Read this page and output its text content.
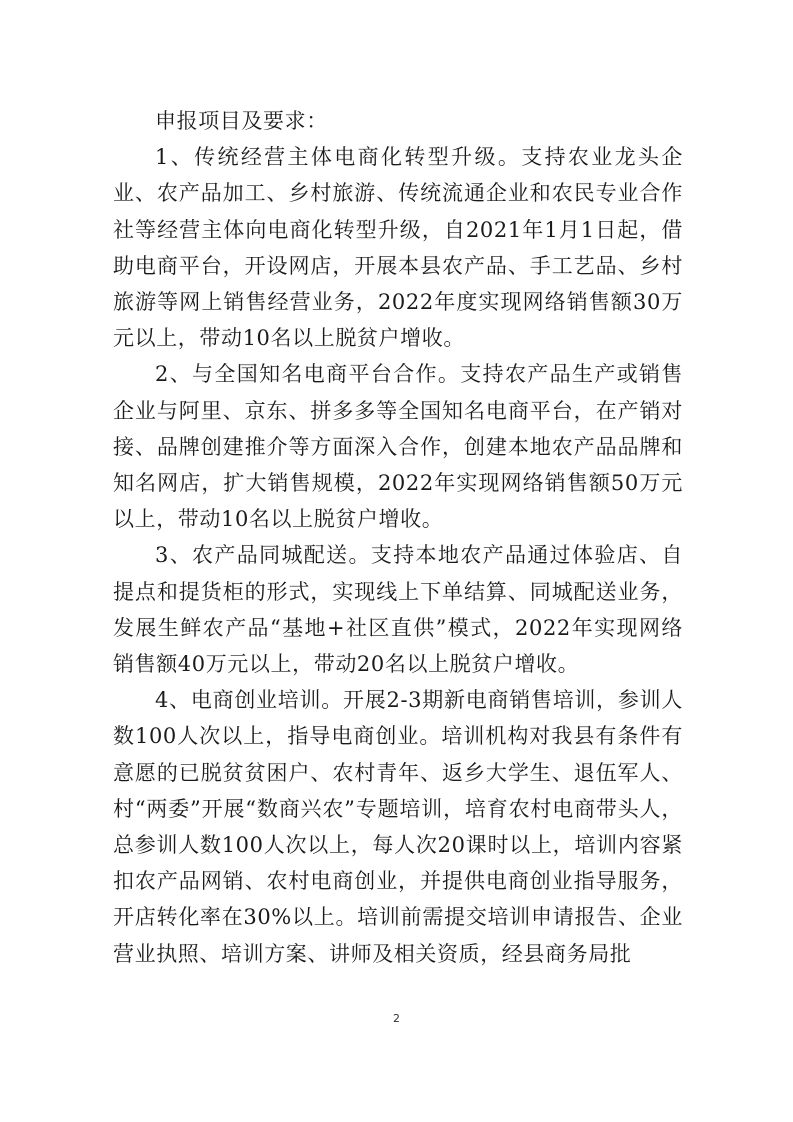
申报项目及要求：

1、传统经营主体电商化转型升级。支持农业龙头企业、农产品加工、乡村旅游、传统流通企业和农民专业合作社等经营主体向电商化转型升级，自2021年1月1日起，借助电商平台，开设网店，开展本县农产品、手工艺品、乡村旅游等网上销售经营业务，2022年度实现网络销售额30万元以上，带动10名以上脱贫户增收。

2、与全国知名电商平台合作。支持农产品生产或销售企业与阿里、京东、拼多多等全国知名电商平台，在产销对接、品牌创建推介等方面深入合作，创建本地农产品品牌和知名网店，扩大销售规模，2022年实现网络销售额50万元以上，带动10名以上脱贫户增收。

3、农产品同城配送。支持本地农产品通过体验店、自提点和提货柜的形式，实现线上下单结算、同城配送业务，发展生鲜农产品“基地+社区直供”模式，2022年实现网络销售额40万元以上，带动20名以上脱贫户增收。

4、电商创业培训。开展2-3期新电商销售培训，参训人数100人次以上，指导电商创业。培训机构对我县有条件有意愿的已脱贫贫困户、农村青年、返乡大学生、退伍军人、村“两委”开展“数商兴农”专题培训，培育农村电商带头人，总参训人数100人次以上，每人次20课时以上，培训内容紧扣农产品网销、农村电商创业，并提供电商创业指导服务，开店转化率在30%以上。培训前需提交培训申请报告、企业营业执照、培训方案、讲师及相关资质，经县商务局批

2
